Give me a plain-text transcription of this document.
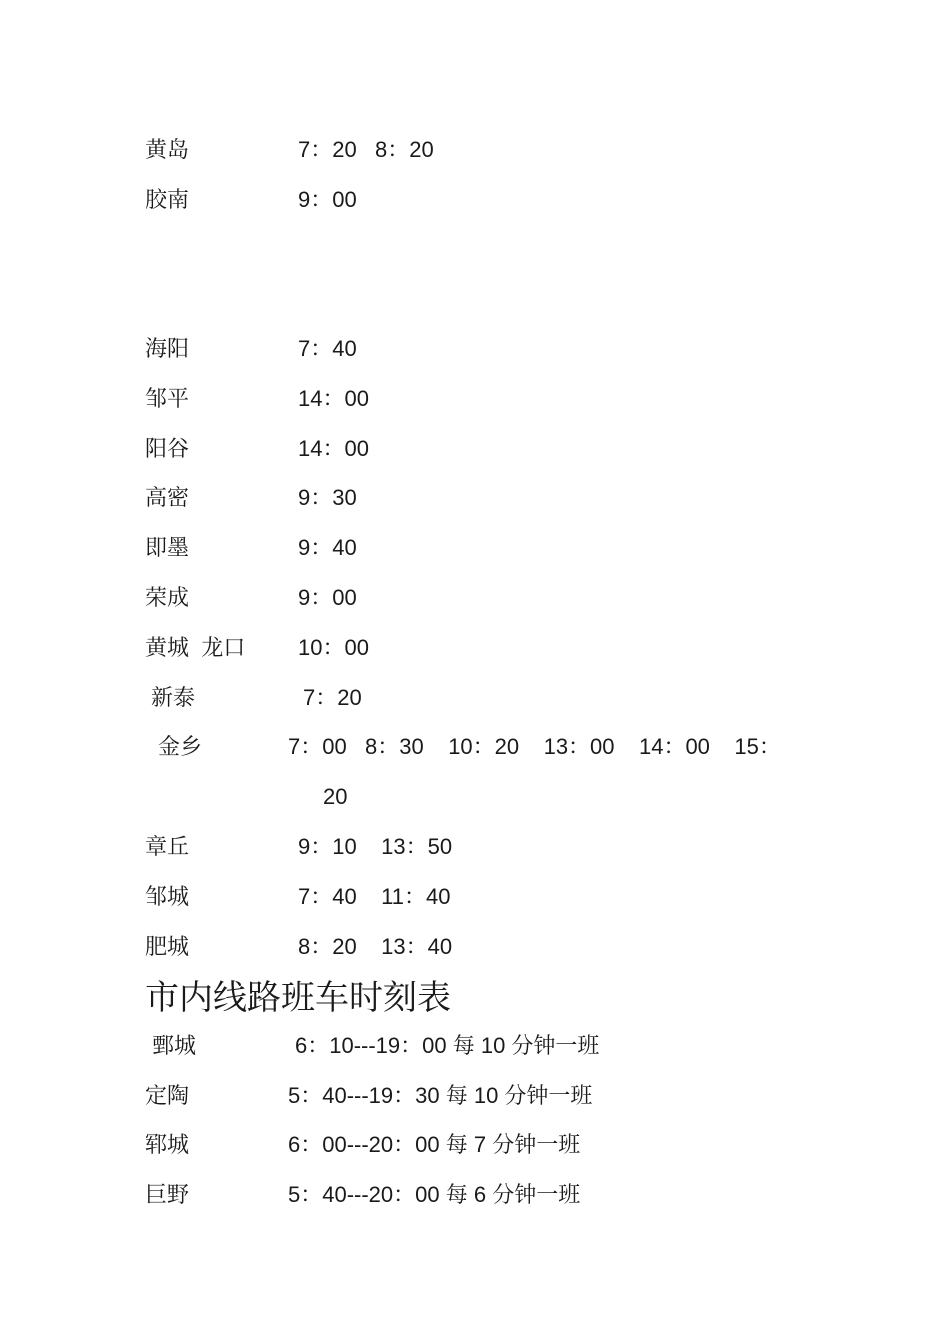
黄岛	7：20   8：20
胶南	9：00
海阳	7：40
邹平	14：00
阳谷	14：00
高密	9：30
即墨	9：40
荣成	9：00
黄城  龙口 10：00
新泰	7：20
金乡	7：00   8：30    10：20    13：00    14：00    15：
20
章丘	9：10    13：50
邹城	7：40    11：40
肥城	8：20    13：40
市内线路班车时刻表
鄄城	6：10---19：00 每 10 分钟一班
定陶	5：40---19：30 每 10 分钟一班
郓城	6：00---20：00 每 7 分钟一班
巨野	5：40---20：00 每 6 分钟一班
